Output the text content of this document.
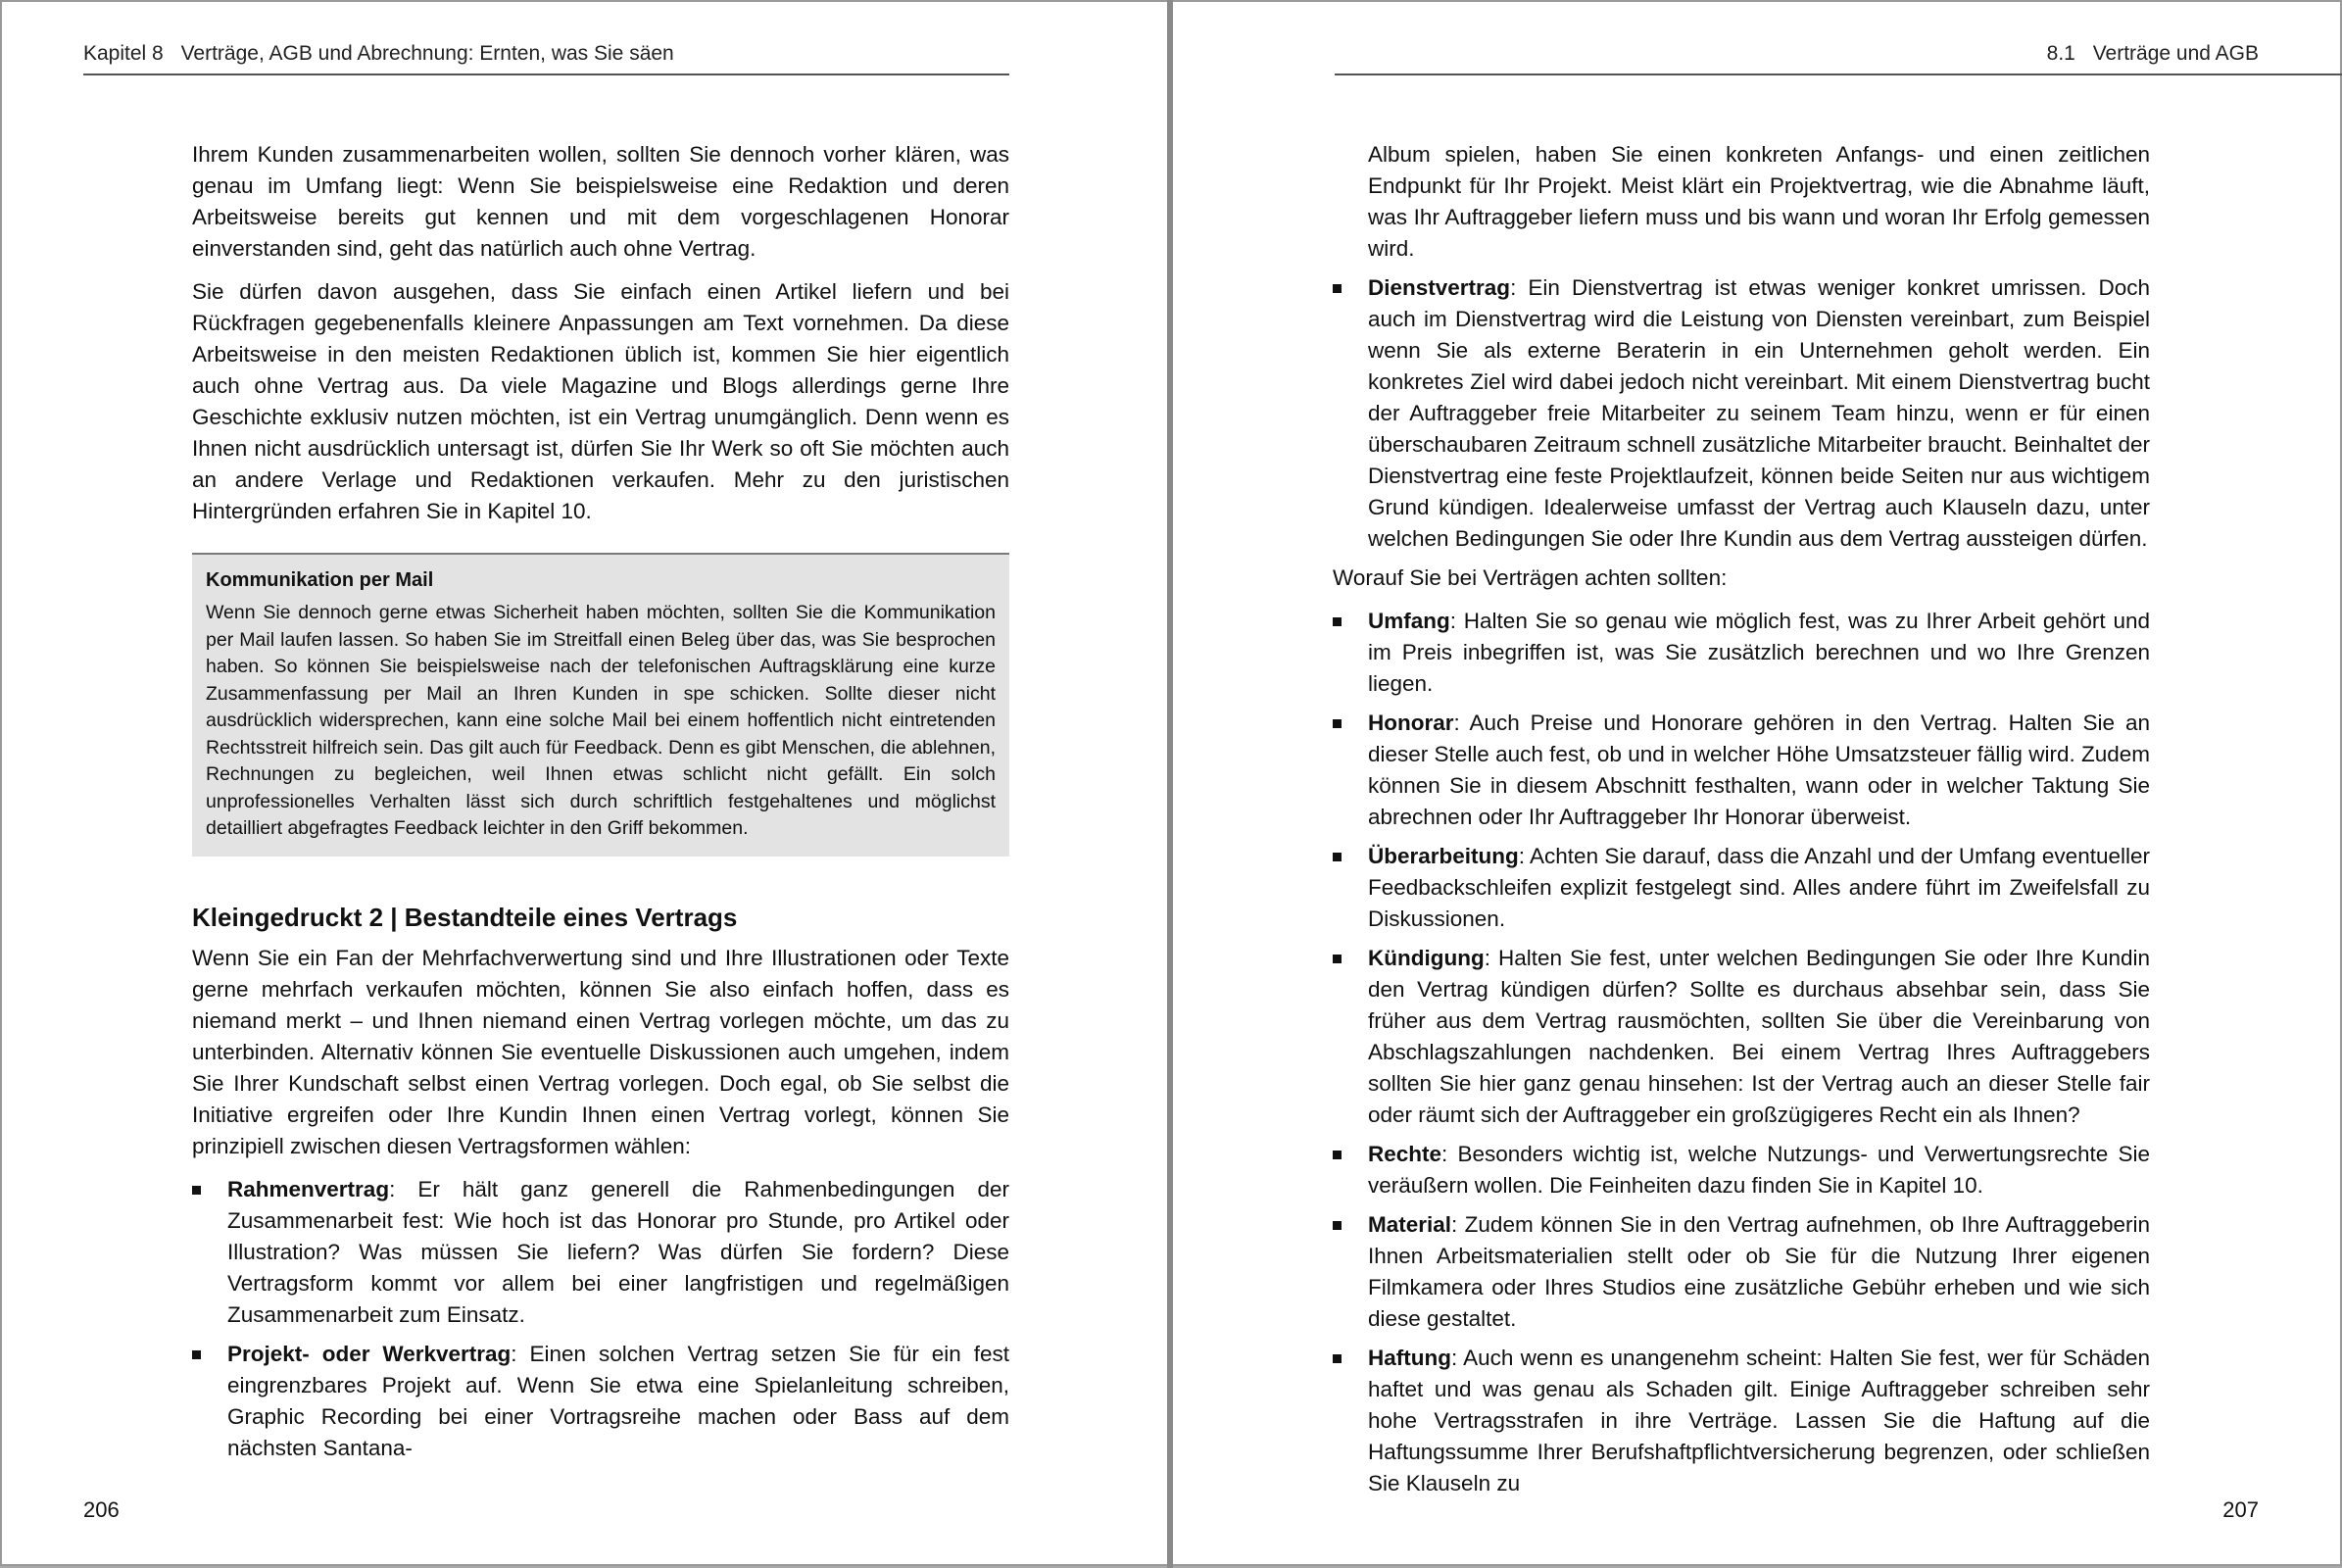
Kapitel 8 Verträge, AGB und Abrechnung: Ernten, was Sie säen

Ihrem Kunden zusammenarbeiten wollen, sollten Sie dennoch vorher klären, was genau im Umfang liegt: Wenn Sie beispielsweise eine Redaktion und deren Arbeitsweise bereits gut kennen und mit dem vorgeschlagenen Honorar einverstanden sind, geht das natürlich auch ohne Vertrag.

Sie dürfen davon ausgehen, dass Sie einfach einen Artikel liefern und bei Rückfragen gegebenenfalls kleinere Anpassungen am Text vornehmen. Da diese Arbeitsweise in den meisten Redaktionen üblich ist, kommen Sie hier eigentlich auch ohne Vertrag aus. Da viele Magazine und Blogs allerdings gerne Ihre Geschichte exklusiv nutzen möchten, ist ein Vertrag unumgänglich. Denn wenn es Ihnen nicht ausdrücklich untersagt ist, dürfen Sie Ihr Werk so oft Sie möchten auch an andere Verlage und Redaktionen verkaufen. Mehr zu den juristischen Hintergründen erfahren Sie in Kapitel 10.

Kommunikation per Mail

Wenn Sie dennoch gerne etwas Sicherheit haben möchten, sollten Sie die Kommunikation per Mail laufen lassen. So haben Sie im Streitfall einen Beleg über das, was Sie besprochen haben. So können Sie beispielsweise nach der telefonischen Auftragsklärung eine kurze Zusammenfassung per Mail an Ihren Kunden in spe schicken. Sollte dieser nicht ausdrücklich widersprechen, kann eine solche Mail bei einem hoffentlich nicht eintretenden Rechtsstreit hilfreich sein. Das gilt auch für Feedback. Denn es gibt Menschen, die ablehnen, Rechnungen zu begleichen, weil Ihnen etwas schlicht nicht gefällt. Ein solch unprofessionelles Verhalten lässt sich durch schriftlich festgehaltenes und möglichst detailliert abgefragtes Feedback leichter in den Griff bekommen.

Kleingedruckt 2 | Bestandteile eines Vertrags

Wenn Sie ein Fan der Mehrfachverwertung sind und Ihre Illustrationen oder Texte gerne mehrfach verkaufen möchten, können Sie also einfach hoffen, dass es niemand merkt – und Ihnen niemand einen Vertrag vorlegen möchte, um das zu unterbinden. Alternativ können Sie eventuelle Diskussionen auch umgehen, indem Sie Ihrer Kundschaft selbst einen Vertrag vorlegen. Doch egal, ob Sie selbst die Initiative ergreifen oder Ihre Kundin Ihnen einen Vertrag vorlegt, können Sie prinzipiell zwischen diesen Vertragsformen wählen:

Rahmenvertrag: Er hält ganz generell die Rahmenbedingungen der Zusammenarbeit fest: Wie hoch ist das Honorar pro Stunde, pro Artikel oder Illustration? Was müssen Sie liefern? Was dürfen Sie fordern? Diese Vertragsform kommt vor allem bei einer langfristigen und regelmäßigen Zusammenarbeit zum Einsatz.
Projekt- oder Werkvertrag: Einen solchen Vertrag setzen Sie für ein fest eingrenzbares Projekt auf. Wenn Sie etwa eine Spielanleitung schreiben, Graphic Recording bei einer Vortragsreihe machen oder Bass auf dem nächsten Santana-
206
8.1 Verträge und AGB

Album spielen, haben Sie einen konkreten Anfangs- und einen zeitlichen Endpunkt für Ihr Projekt. Meist klärt ein Projektvertrag, wie die Abnahme läuft, was Ihr Auftraggeber liefern muss und bis wann und woran Ihr Erfolg gemessen wird.

Dienstvertrag: Ein Dienstvertrag ist etwas weniger konkret umrissen. Doch auch im Dienstvertrag wird die Leistung von Diensten vereinbart, zum Beispiel wenn Sie als externe Beraterin in ein Unternehmen geholt werden. Ein konkretes Ziel wird dabei jedoch nicht vereinbart. Mit einem Dienstvertrag bucht der Auftraggeber freie Mitarbeiter zu seinem Team hinzu, wenn er für einen überschaubaren Zeitraum schnell zusätzliche Mitarbeiter braucht. Beinhaltet der Dienstvertrag eine feste Projektlaufzeit, können beide Seiten nur aus wichtigem Grund kündigen. Idealerweise umfasst der Vertrag auch Klauseln dazu, unter welchen Bedingungen Sie oder Ihre Kundin aus dem Vertrag aussteigen dürfen.

Worauf Sie bei Verträgen achten sollten:

Umfang: Halten Sie so genau wie möglich fest, was zu Ihrer Arbeit gehört und im Preis inbegriffen ist, was Sie zusätzlich berechnen und wo Ihre Grenzen liegen.
Honorar: Auch Preise und Honorare gehören in den Vertrag. Halten Sie an dieser Stelle auch fest, ob und in welcher Höhe Umsatzsteuer fällig wird. Zudem können Sie in diesem Abschnitt festhalten, wann oder in welcher Taktung Sie abrechnen oder Ihr Auftraggeber Ihr Honorar überweist.
Überarbeitung: Achten Sie darauf, dass die Anzahl und der Umfang eventueller Feedbackschleifen explizit festgelegt sind. Alles andere führt im Zweifelsfall zu Diskussionen.
Kündigung: Halten Sie fest, unter welchen Bedingungen Sie oder Ihre Kundin den Vertrag kündigen dürfen? Sollte es durchaus absehbar sein, dass Sie früher aus dem Vertrag rausmöchten, sollten Sie über die Vereinbarung von Abschlagszahlungen nachdenken. Bei einem Vertrag Ihres Auftraggebers sollten Sie hier ganz genau hinsehen: Ist der Vertrag auch an dieser Stelle fair oder räumt sich der Auftraggeber ein großzügigeres Recht ein als Ihnen?
Rechte: Besonders wichtig ist, welche Nutzungs- und Verwertungsrechte Sie veräußern wollen. Die Feinheiten dazu finden Sie in Kapitel 10.
Material: Zudem können Sie in den Vertrag aufnehmen, ob Ihre Auftraggeberin Ihnen Arbeitsmaterialien stellt oder ob Sie für die Nutzung Ihrer eigenen Filmkamera oder Ihres Studios eine zusätzliche Gebühr erheben und wie sich diese gestaltet.
Haftung: Auch wenn es unangenehm scheint: Halten Sie fest, wer für Schäden haftet und was genau als Schaden gilt. Einige Auftraggeber schreiben sehr hohe Vertragsstrafen in ihre Verträge. Lassen Sie die Haftung auf die Haftungssumme Ihrer Berufshaftpflichtversicherung begrenzen, oder schließen Sie Klauseln zu
207
